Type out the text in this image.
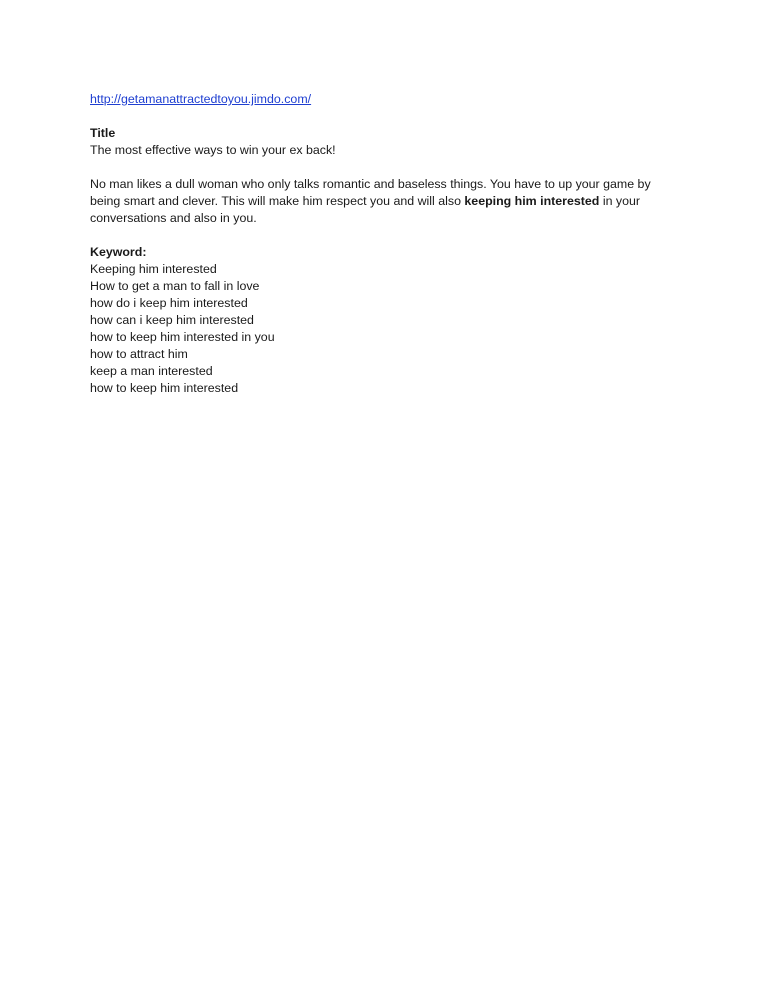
http://getamanattractedtoyou.jimdo.com/
Title
The most effective ways to win your ex back!

No man likes a dull woman who only talks romantic and baseless things. You have to up your game by being smart and clever. This will make him respect you and will also keeping him interested in your conversations and also in you.

Keyword:
Keeping him interested
How to get a man to fall in love
how do i keep him interested
how can i keep him interested
how to keep him interested in you
how to attract him
keep a man interested
how to keep him interested
